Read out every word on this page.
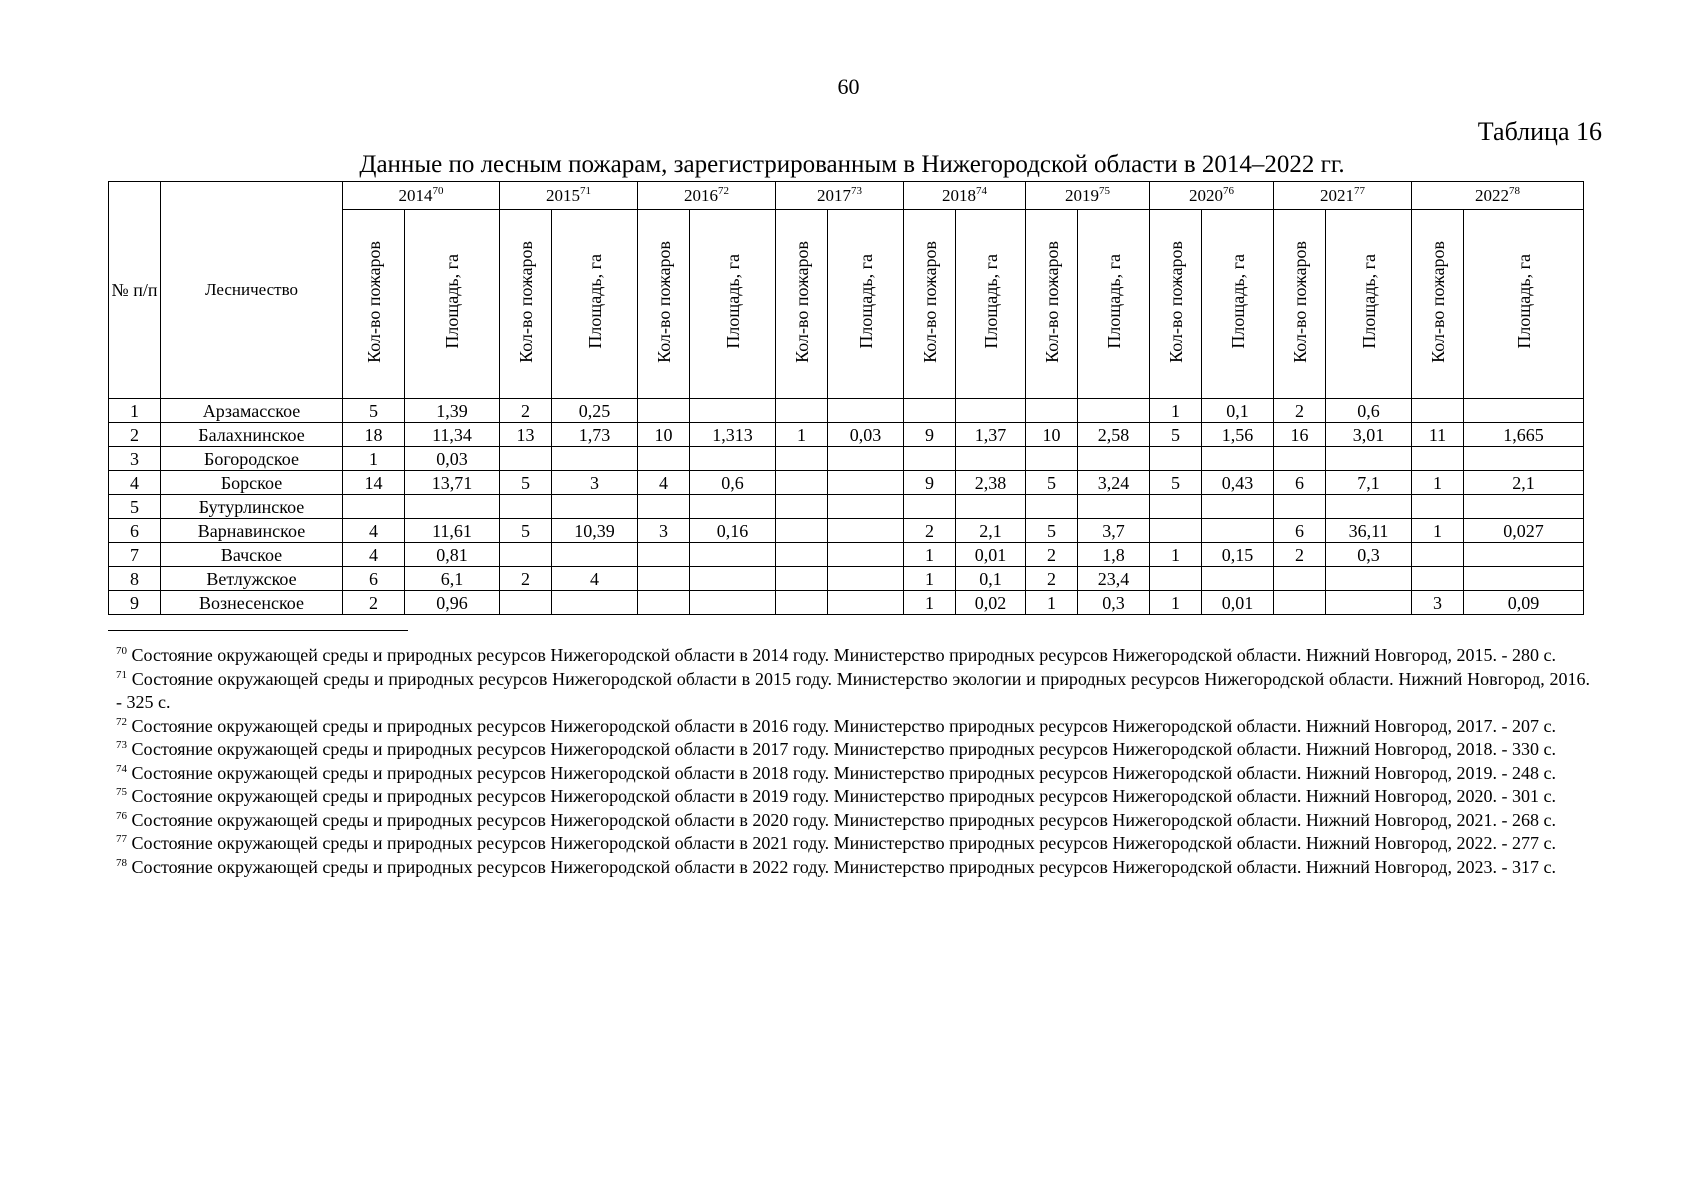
60
Таблица 16
Данные по лесным пожарам, зарегистрированным в Нижегородской области в 2014–2022 гг.
№ п/п	Лесничество	2014$^{70}$		2015$^{71}$		2016$^{72}$		2017$^{73}$		2018$^{74}$		2019$^{75}$		2020$^{76}$		2021$^{77}$		2022$^{78}$
		Кол-во пожаров	Площадь, га	Кол-во пожаров	Площадь, га	Кол-во пожаров	Площадь, га	Кол-во пожаров	Площадь, га	Кол-во пожаров	Площадь, га	Кол-во пожаров	Площадь, га	Кол-во пожаров	Площадь, га	Кол-во пожаров	Площадь, га	Кол-во пожаров	Площадь, га
1	Арзамасское	5	1,39	2	0,25									1	0,1	2	0,6		
2	Балахнинское	18	11,34	13	1,73	10	1,313	1	0,03	9	1,37	10	2,58	5	1,56	16	3,01	11	1,665
3	Богородское	1	0,03																
4	Борское	14	13,71	5	3	4	0,6			9	2,38	5	3,24	5	0,43	6	7,1	1	2,1
5	Бутурлинское																		
6	Варнавинское	4	11,61	5	10,39	3	0,16			2	2,1	5	3,7			6	36,11	1	0,027
7	Вачское	4	0,81							1	0,01	2	1,8	1	0,15	2	0,3		
8	Ветлужское	6	6,1	2	4					1	0,1	2	23,4						
9	Вознесенское	2	0,96							1	0,02	1	0,3	1	0,01			3	0,09

$^{70}$ Состояние окружающей среды и природных ресурсов Нижегородской области в 2014 году. Министерство природных ресурсов Нижегородской области. Нижний Новгород, 2015. - 280 с.

$^{71}$ Состояние окружающей среды и природных ресурсов Нижегородской области в 2015 году. Министерство экологии и природных ресурсов Нижегородской области. Нижний Новгород, 2016. - 325 с.

$^{72}$ Состояние окружающей среды и природных ресурсов Нижегородской области в 2016 году. Министерство природных ресурсов Нижегородской области. Нижний Новгород, 2017. - 207 с.

$^{73}$ Состояние окружающей среды и природных ресурсов Нижегородской области в 2017 году. Министерство природных ресурсов Нижегородской области. Нижний Новгород, 2018. - 330 с.

$^{74}$ Состояние окружающей среды и природных ресурсов Нижегородской области в 2018 году. Министерство природных ресурсов Нижегородской области. Нижний Новгород, 2019. - 248 с.

$^{75}$ Состояние окружающей среды и природных ресурсов Нижегородской области в 2019 году. Министерство природных ресурсов Нижегородской области. Нижний Новгород, 2020. - 301 с.

$^{76}$ Состояние окружающей среды и природных ресурсов Нижегородской области в 2020 году. Министерство природных ресурсов Нижегородской области. Нижний Новгород, 2021. - 268 с.

$^{77}$ Состояние окружающей среды и природных ресурсов Нижегородской области в 2021 году. Министерство природных ресурсов Нижегородской области. Нижний Новгород, 2022. - 277 с.

$^{78}$ Состояние окружающей среды и природных ресурсов Нижегородской области в 2022 году. Министерство природных ресурсов Нижегородской области. Нижний Новгород, 2023. - 317 с.
